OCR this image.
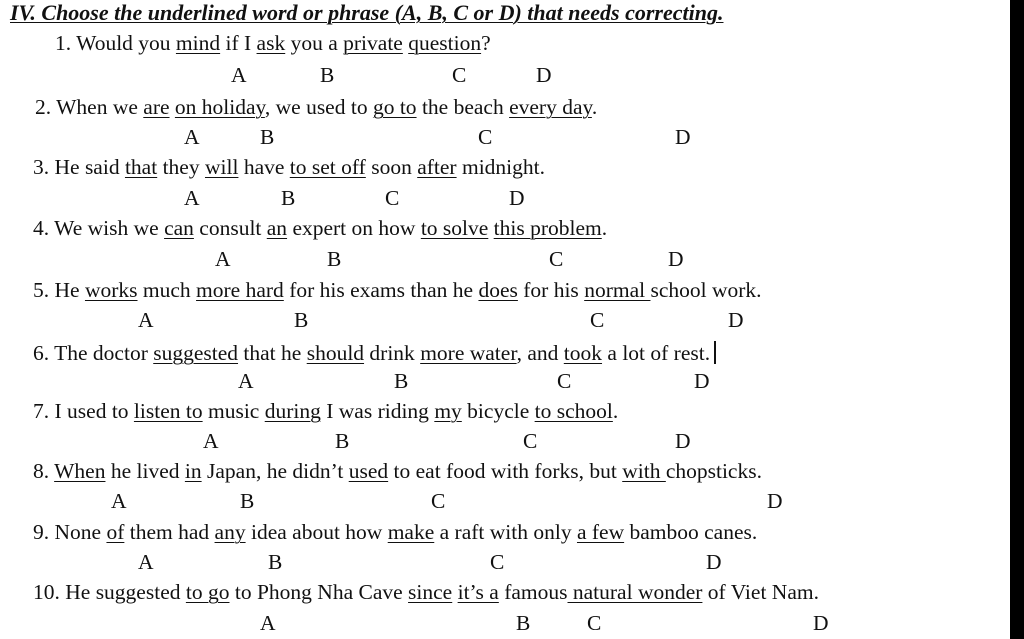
IV. Choose the underlined word or phrase (A, B, C or D) that needs correcting.
1. Would you mind if I ask you a private question?
A	B	C	D
2. When we are on holiday, we used to go to the beach every day.
A	B	C	D
3. He said that they will have to set off soon after midnight.
A	B	C	D
4. We wish we can consult an expert on how to solve this problem.
A	B	C	D
5. He works much more hard for his exams than he does for his normal school work.
A	B	C	D
6. The doctor suggested that he should drink more water, and took a lot of rest.
A	B	C	D
7. I used to listen to music during I was riding my bicycle to school.
A	B	C	D
8. When he lived in Japan, he didn’t used to eat food with forks, but with chopsticks.
A	B	C	D
9. None of them had any idea about how make a raft with only a few bamboo canes.
A	B	C	D
10. He suggested to go to Phong Nha Cave since it’s a famous natural wonder of Viet Nam.
A	B	C	D
